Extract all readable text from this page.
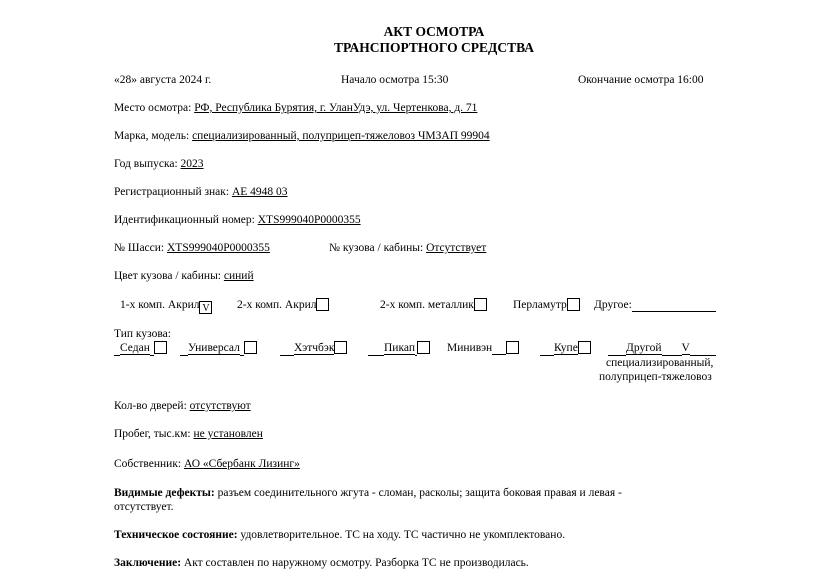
АКТ ОСМОТРА
ТРАНСПОРТНОГО СРЕДСТВА
«28» августа 2024 г.	Начало осмотра 15:30	Окончание осмотра 16:00
Место осмотра: РФ, Республика Бурятия, г. УланУдэ, ул. Чертенкова, д. 71
Марка, модель: специализированный, полуприцеп-тяжеловоз ЧМЗАП 99904
Год выпуска: 2023
Регистрационный знак: АЕ 4948 03
Идентификационный номер: XTS999040P0000355
№ Шасси: XTS999040P0000355	№ кузова / кабины: Отсутствует
Цвет кузова / кабины: синий
1-х комп. Акрил V 2-х комп. Акрил	2-х комп. металлик	Перламутр	Другое:
Тип кузова:
Седан	Универсал	Хэтчбэк	Пикап	Минивэн	Купе	Другой V
специализированный,
полуприцеп-тяжеловоз
Кол-во дверей: отсутствуют
Пробег, тыс.км: не установлен
Собственник: АО «Сбербанк Лизинг»
Видимые дефекты: разъем соединительного жгута - сломан, расколы; защита боковая правая и левая - отсутствует.
Техническое состояние: удовлетворительное. ТС на ходу. ТС частично не укомплектовано.
Заключение: Акт составлен по наружному осмотру. Разборка ТС не производилась.
